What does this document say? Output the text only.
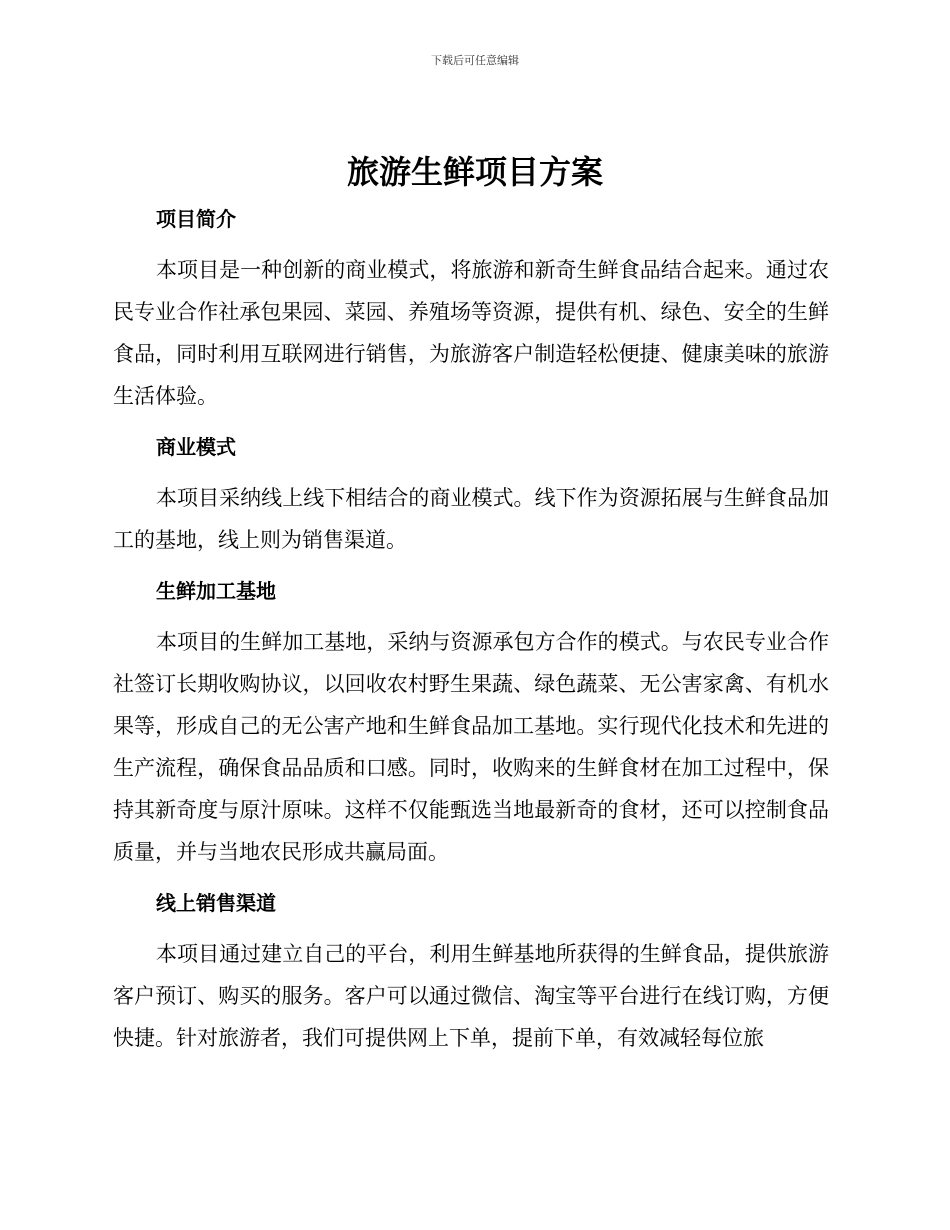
下载后可任意编辑
旅游生鲜项目方案
项目简介

本项目是一种创新的商业模式，将旅游和新奇生鲜食品结合起来。通过农民专业合作社承包果园、菜园、养殖场等资源，提供有机、绿色、安全的生鲜食品，同时利用互联网进行销售，为旅游客户制造轻松便捷、健康美味的旅游生活体验。

商业模式

本项目采纳线上线下相结合的商业模式。线下作为资源拓展与生鲜食品加工的基地，线上则为销售渠道。

生鲜加工基地

本项目的生鲜加工基地，采纳与资源承包方合作的模式。与农民专业合作社签订长期收购协议，以回收农村野生果蔬、绿色蔬菜、无公害家禽、有机水果等，形成自己的无公害产地和生鲜食品加工基地。实行现代化技术和先进的生产流程，确保食品品质和口感。同时，收购来的生鲜食材在加工过程中，保持其新奇度与原汁原味。这样不仅能甄选当地最新奇的食材，还可以控制食品质量，并与当地农民形成共赢局面。

线上销售渠道

本项目通过建立自己的平台，利用生鲜基地所获得的生鲜食品，提供旅游客户预订、购买的服务。客户可以通过微信、淘宝等平台进行在线订购，方便快捷。针对旅游者，我们可提供网上下单，提前下单，有效减轻每位旅
